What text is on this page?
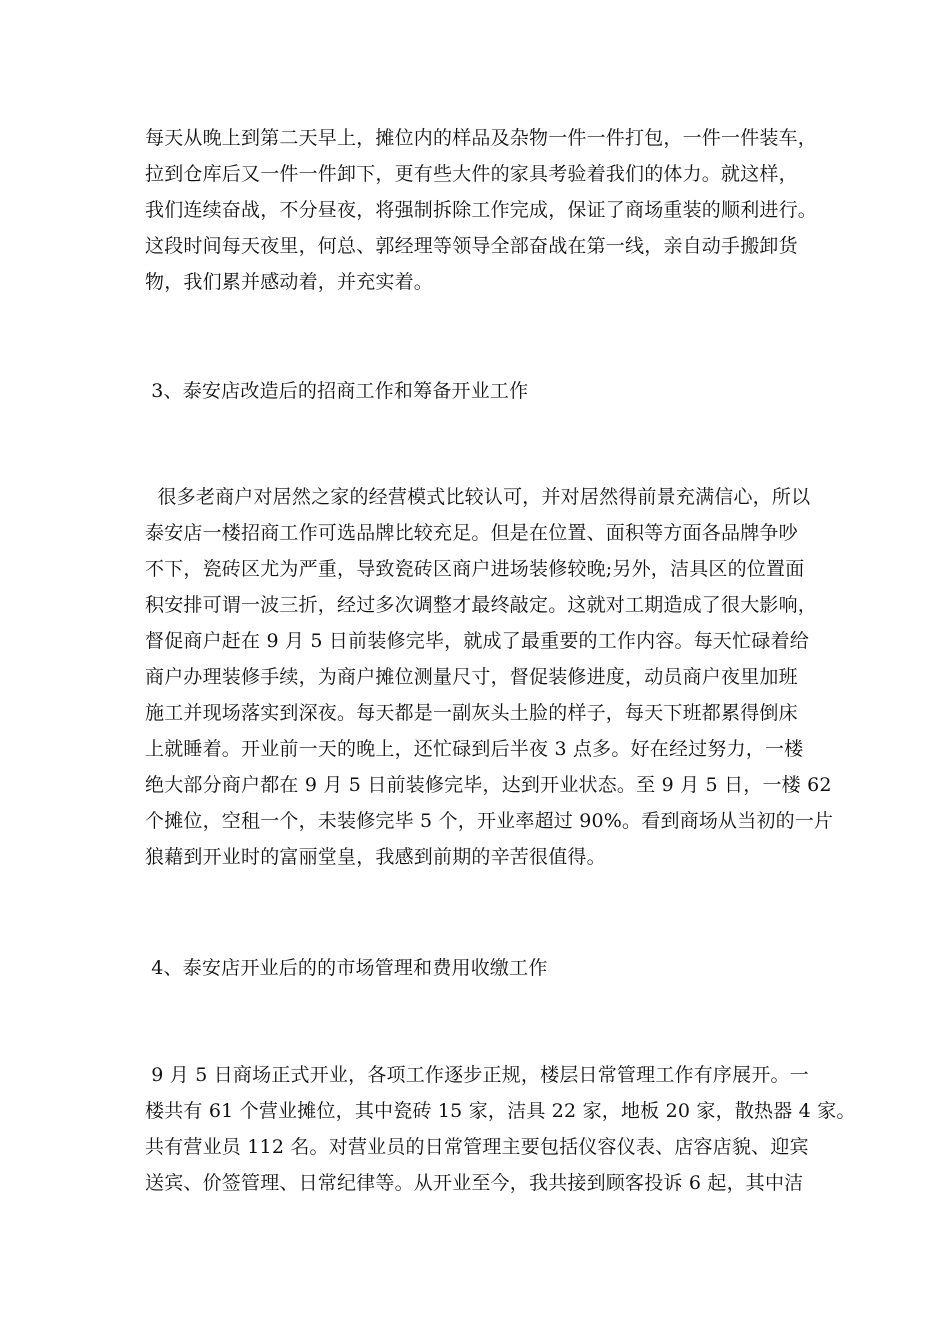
每天从晚上到第二天早上，摊位内的样品及杂物一件一件打包，一件一件装车，
拉到仓库后又一件一件卸下，更有些大件的家具考验着我们的体力。就这样，
我们连续奋战，不分昼夜，将强制拆除工作完成，保证了商场重装的顺利进行。
这段时间每天夜里，何总、郭经理等领导全部奋战在第一线，亲自动手搬卸货
物，我们累并感动着，并充实着。
3、泰安店改造后的招商工作和筹备开业工作
很多老商户对居然之家的经营模式比较认可，并对居然得前景充满信心，所以
泰安店一楼招商工作可选品牌比较充足。但是在位置、面积等方面各品牌争吵
不下，瓷砖区尤为严重，导致瓷砖区商户进场装修较晚;另外，洁具区的位置面
积安排可谓一波三折，经过多次调整才最终敲定。这就对工期造成了很大影响，
督促商户赶在 9 月 5 日前装修完毕，就成了最重要的工作内容。每天忙碌着给
商户办理装修手续，为商户摊位测量尺寸，督促装修进度，动员商户夜里加班
施工并现场落实到深夜。每天都是一副灰头土脸的样子，每天下班都累得倒床
上就睡着。开业前一天的晚上，还忙碌到后半夜 3 点多。好在经过努力，一楼
绝大部分商户都在 9 月 5 日前装修完毕，达到开业状态。至 9 月 5 日，一楼 62
个摊位，空租一个，未装修完毕 5 个，开业率超过 90%。看到商场从当初的一片
狼藉到开业时的富丽堂皇，我感到前期的辛苦很值得。
4、泰安店开业后的的市场管理和费用收缴工作
9 月 5 日商场正式开业，各项工作逐步正规，楼层日常管理工作有序展开。一
楼共有 61 个营业摊位，其中瓷砖 15 家，洁具 22 家，地板 20 家，散热器 4 家。
共有营业员 112 名。对营业员的日常管理主要包括仪容仪表、店容店貌、迎宾
送宾、价签管理、日常纪律等。从开业至今，我共接到顾客投诉 6 起，其中洁
